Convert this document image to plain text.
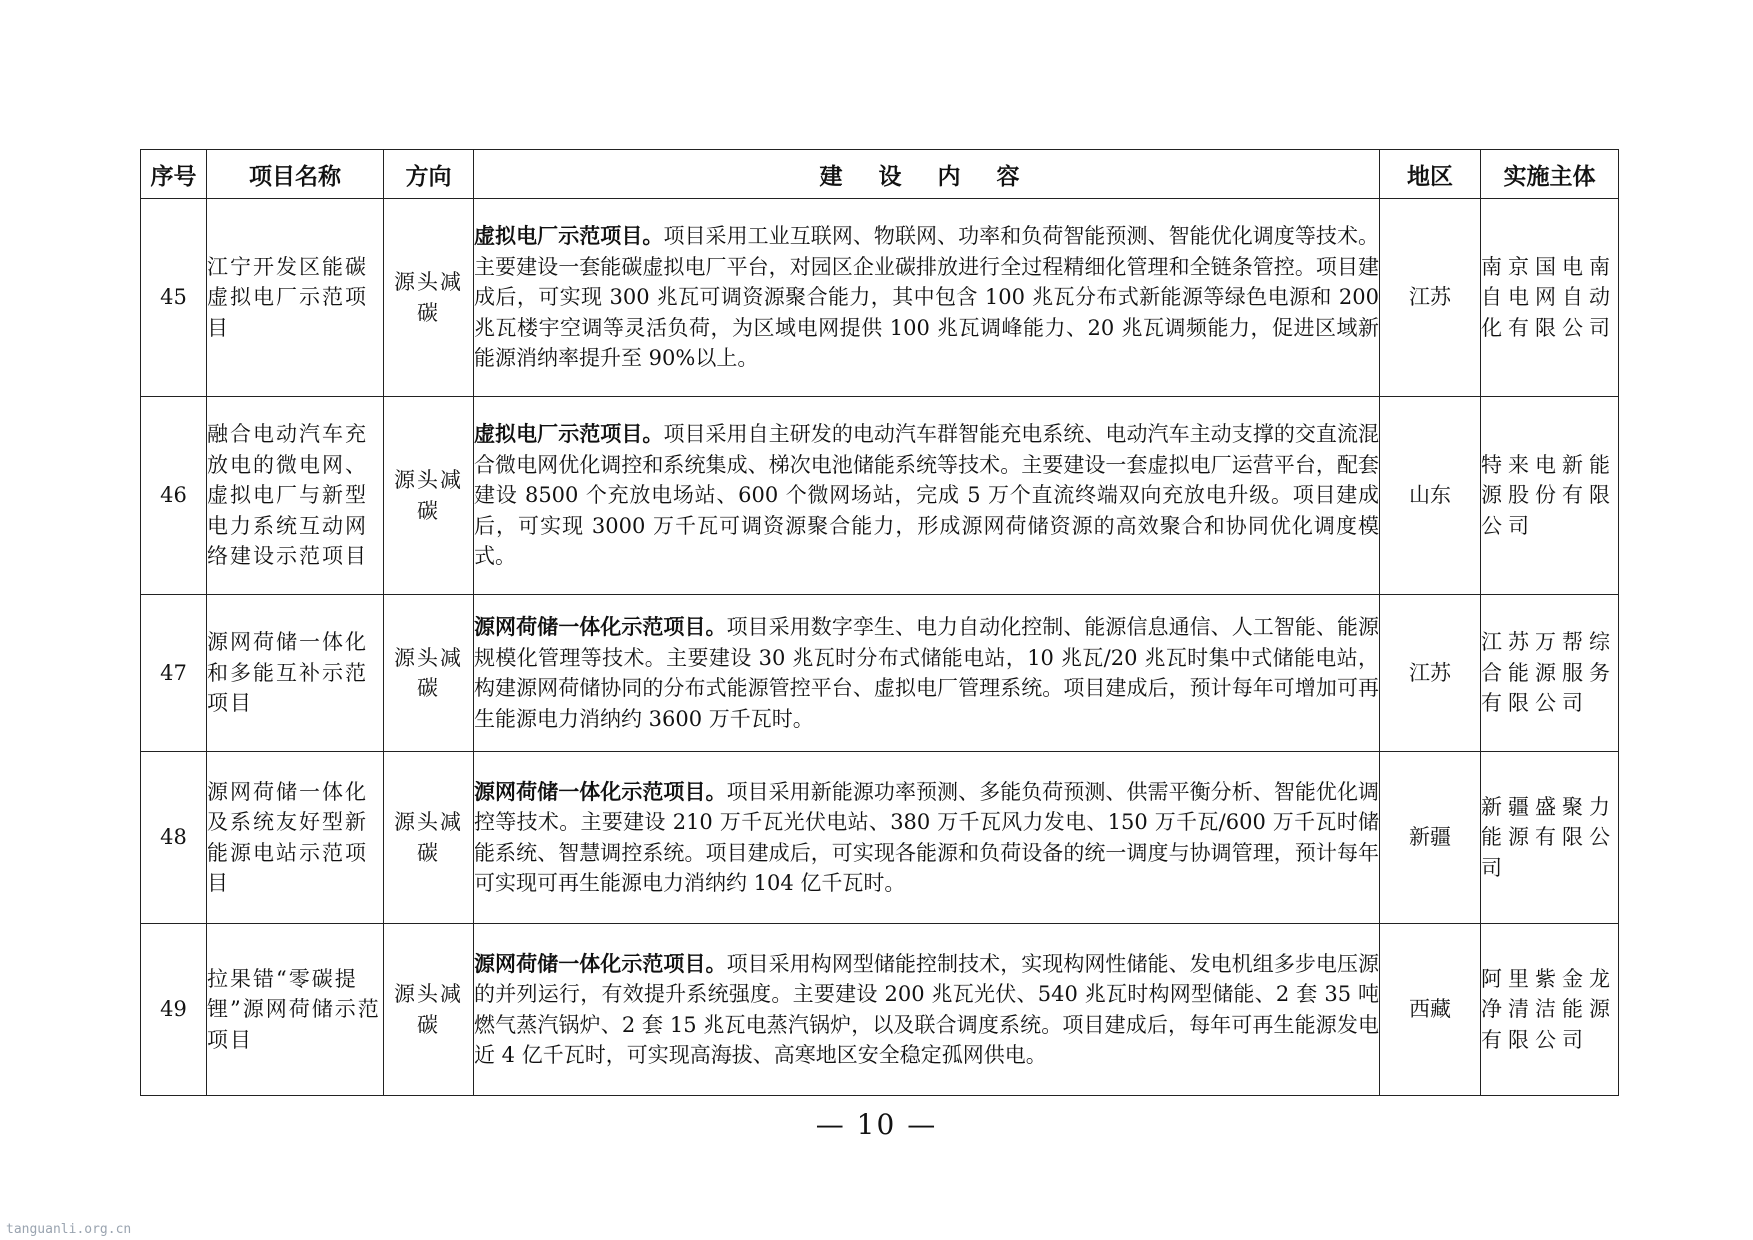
序号	项目名称	方向	建 设 内 容	地区	实施主体
45	江宁开发区能碳虚拟电厂示范项目	源头减碳	虚拟电厂示范项目。项目采用工业互联网、物联网、功率和负荷智能预测、智能优化调度等技术。主要建设一套能碳虚拟电厂平台，对园区企业碳排放进行全过程精细化管理和全链条管控。项目建成后，可实现 300 兆瓦可调资源聚合能力，其中包含 100 兆瓦分布式新能源等绿色电源和 200 兆瓦楼宇空调等灵活负荷，为区域电网提供 100 兆瓦调峰能力、20 兆瓦调频能力，促进区域新能源消纳率提升至 90%以上。	江苏	南京国电南自电网自动化有限公司
46	融合电动汽车充放电的微电网、虚拟电厂与新型电力系统互动网络建设示范项目	源头减碳	虚拟电厂示范项目。项目采用自主研发的电动汽车群智能充电系统、电动汽车主动支撑的交直流混合微电网优化调控和系统集成、梯次电池储能系统等技术。主要建设一套虚拟电厂运营平台，配套建设 8500 个充放电场站、600 个微网场站，完成 5 万个直流终端双向充放电升级。项目建成后，可实现 3000 万千瓦可调资源聚合能力，形成源网荷储资源的高效聚合和协同优化调度模式。	山东	特来电新能源股份有限公司
47	源网荷储一体化和多能互补示范项目	源头减碳	源网荷储一体化示范项目。项目采用数字孪生、电力自动化控制、能源信息通信、人工智能、能源规模化管理等技术。主要建设 30 兆瓦时分布式储能电站，10 兆瓦/20 兆瓦时集中式储能电站，构建源网荷储协同的分布式能源管控平台、虚拟电厂管理系统。项目建成后，预计每年可增加可再生能源电力消纳约 3600 万千瓦时。	江苏	江苏万帮综合能源服务有限公司
48	源网荷储一体化及系统友好型新能源电站示范项目	源头减碳	源网荷储一体化示范项目。项目采用新能源功率预测、多能负荷预测、供需平衡分析、智能优化调控等技术。主要建设 210 万千瓦光伏电站、380 万千瓦风力发电、150 万千瓦/600 万千瓦时储能系统、智慧调控系统。项目建成后，可实现各能源和负荷设备的统一调度与协调管理，预计每年可实现可再生能源电力消纳约 104 亿千瓦时。	新疆	新疆盛聚力能源有限公司
49	拉果错“零碳提锂”源网荷储示范项目	源头减碳	源网荷储一体化示范项目。项目采用构网型储能控制技术，实现构网性储能、发电机组多步电压源的并列运行，有效提升系统强度。主要建设 200 兆瓦光伏、540 兆瓦时构网型储能、2 套 35 吨燃气蒸汽锅炉、2 套 15 兆瓦电蒸汽锅炉，以及联合调度系统。项目建成后，每年可再生能源发电近 4 亿千瓦时，可实现高海拔、高寒地区安全稳定孤网供电。	西藏	阿里紫金龙净清洁能源有限公司
— 10 —
tanguanli.org.cn
